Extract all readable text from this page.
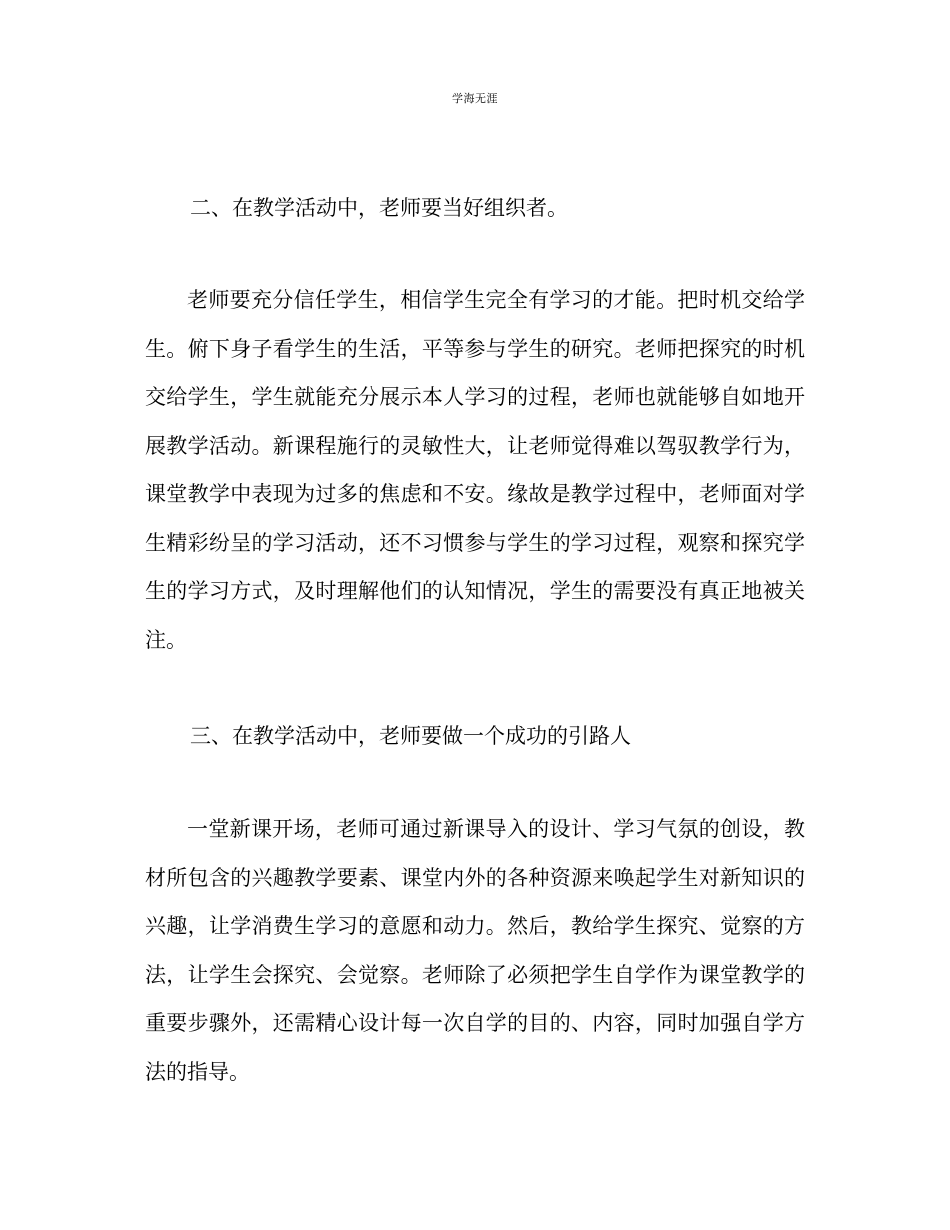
学海无涯
二、在教学活动中，老师要当好组织者。

老师要充分信任学生，相信学生完全有学习的才能。把时机交给学生。俯下身子看学生的生活，平等参与学生的研究。老师把探究的时机交给学生，学生就能充分展示本人学习的过程，老师也就能够自如地开展教学活动。新课程施行的灵敏性大，让老师觉得难以驾驭教学行为，课堂教学中表现为过多的焦虑和不安。缘故是教学过程中，老师面对学生精彩纷呈的学习活动，还不习惯参与学生的学习过程，观察和探究学生的学习方式，及时理解他们的认知情况，学生的需要没有真正地被关注。

三、在教学活动中，老师要做一个成功的引路人

一堂新课开场，老师可通过新课导入的设计、学习气氛的创设，教材所包含的兴趣教学要素、课堂内外的各种资源来唤起学生对新知识的兴趣，让学消费生学习的意愿和动力。然后，教给学生探究、觉察的方法，让学生会探究、会觉察。老师除了必须把学生自学作为课堂教学的重要步骤外，还需精心设计每一次自学的目的、内容，同时加强自学方法的指导。
